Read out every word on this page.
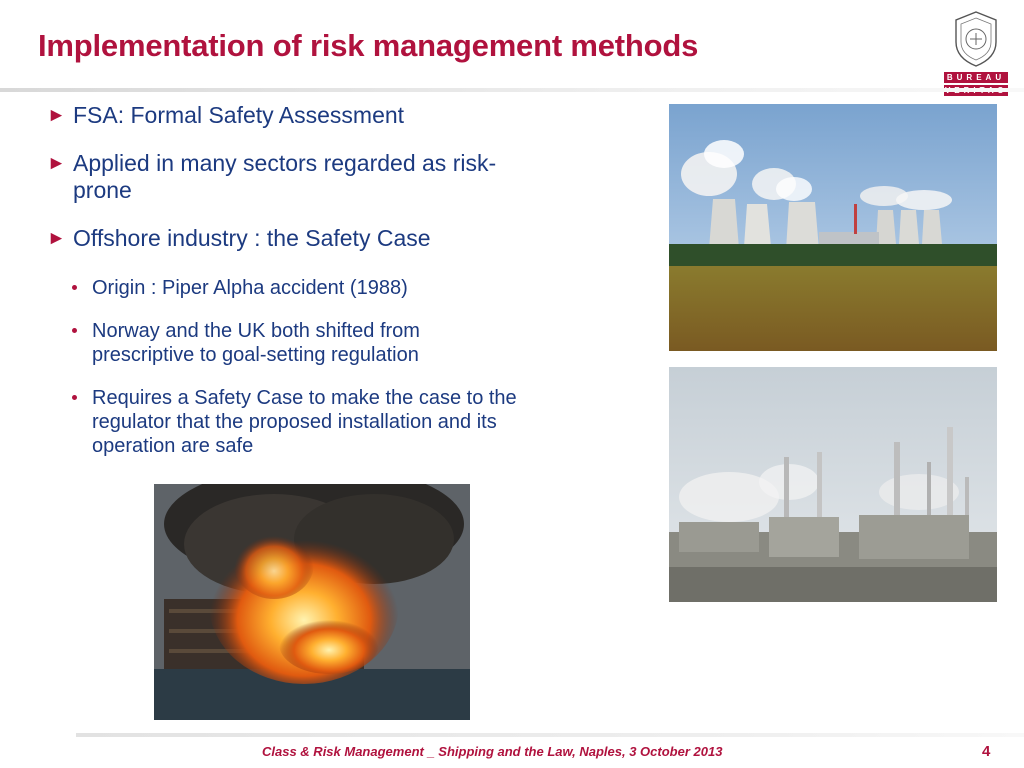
Implementation of risk management methods
BUREAU
► FSA: Formal Safety Assessment
► Applied in many sectors regarded as risk-prone
► Offshore industry : the Safety Case
Origin : Piper Alpha accident (1988)
Norway and the UK both shifted from prescriptive to goal-setting regulation
Requires a Safety Case to make the case to the regulator that the proposed installation and its operation are safe
Class & Risk Management _ Shipping and the Law, Naples, 3 October 2013	4
